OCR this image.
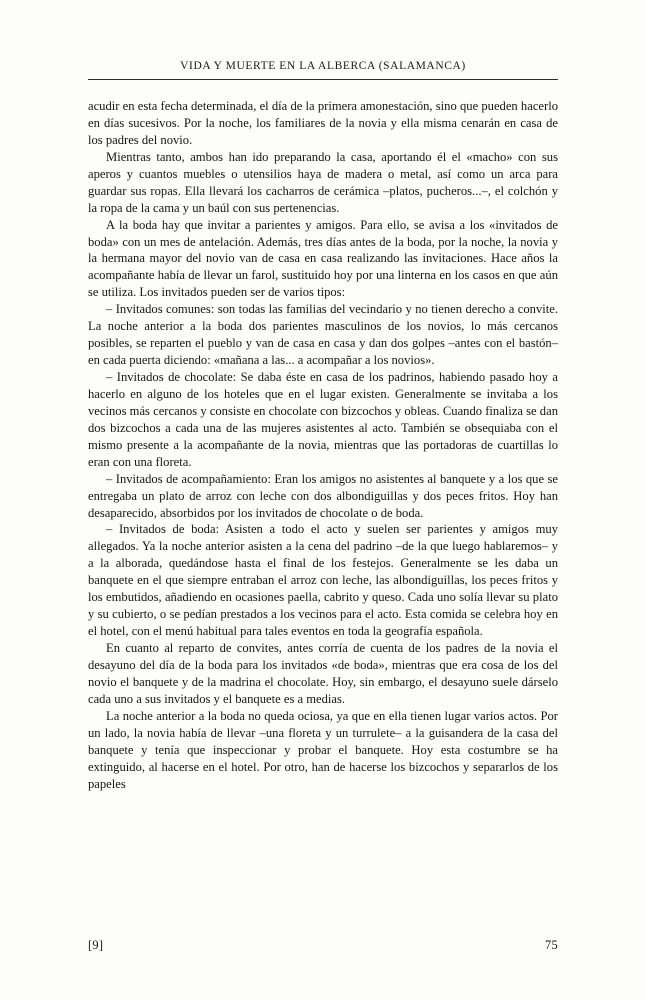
VIDA Y MUERTE EN LA ALBERCA (SALAMANCA)

acudir en esta fecha determinada, el día de la primera amonestación, sino que pueden hacerlo en días sucesivos. Por la noche, los familiares de la novia y ella misma cenarán en casa de los padres del novio.

Mientras tanto, ambos han ido preparando la casa, aportando él el «macho» con sus aperos y cuantos muebles o utensilios haya de madera o metal, así como un arca para guardar sus ropas. Ella llevará los cacharros de cerámica –platos, pucheros...–, el colchón y la ropa de la cama y un baúl con sus pertenencias.

A la boda hay que invitar a parientes y amigos. Para ello, se avisa a los «invitados de boda» con un mes de antelación. Además, tres días antes de la boda, por la noche, la novia y la hermana mayor del novio van de casa en casa realizando las invitaciones. Hace años la acompañante había de llevar un farol, sustituido hoy por una linterna en los casos en que aún se utiliza. Los invitados pueden ser de varios tipos:

– Invitados comunes: son todas las familias del vecindario y no tienen derecho a convite. La noche anterior a la boda dos parientes masculinos de los novios, lo más cercanos posibles, se reparten el pueblo y van de casa en casa y dan dos golpes –antes con el bastón– en cada puerta diciendo: «mañana a las... a acompañar a los novios».

– Invitados de chocolate: Se daba éste en casa de los padrinos, habiendo pasado hoy a hacerlo en alguno de los hoteles que en el lugar existen. Generalmente se invitaba a los vecinos más cercanos y consiste en chocolate con bizcochos y obleas. Cuando finaliza se dan dos bizcochos a cada una de las mujeres asistentes al acto. También se obsequiaba con el mismo presente a la acompañante de la novia, mientras que las portadoras de cuartillas lo eran con una floreta.

– Invitados de acompañamiento: Eran los amigos no asistentes al banquete y a los que se entregaba un plato de arroz con leche con dos albondiguillas y dos peces fritos. Hoy han desaparecido, absorbidos por los invitados de chocolate o de boda.

– Invitados de boda: Asisten a todo el acto y suelen ser parientes y amigos muy allegados. Ya la noche anterior asisten a la cena del padrino –de la que luego hablaremos– y a la alborada, quedándose hasta el final de los festejos. Generalmente se les daba un banquete en el que siempre entraban el arroz con leche, las albondiguillas, los peces fritos y los embutidos, añadiendo en ocasiones paella, cabrito y queso. Cada uno solía llevar su plato y su cubierto, o se pedían prestados a los vecinos para el acto. Esta comida se celebra hoy en el hotel, con el menú habitual para tales eventos en toda la geografía española.

En cuanto al reparto de convites, antes corría de cuenta de los padres de la novia el desayuno del día de la boda para los invitados «de boda», mientras que era cosa de los del novio el banquete y de la madrina el chocolate. Hoy, sin embargo, el desayuno suele dárselo cada uno a sus invitados y el banquete es a medias.

La noche anterior a la boda no queda ociosa, ya que en ella tienen lugar varios actos. Por un lado, la novia había de llevar –una floreta y un turrulete– a la guisandera de la casa del banquete y tenía que inspeccionar y probar el banquete. Hoy esta costumbre se ha extinguido, al hacerse en el hotel. Por otro, han de hacerse los bizcochos y separarlos de los papeles

[9]	75
